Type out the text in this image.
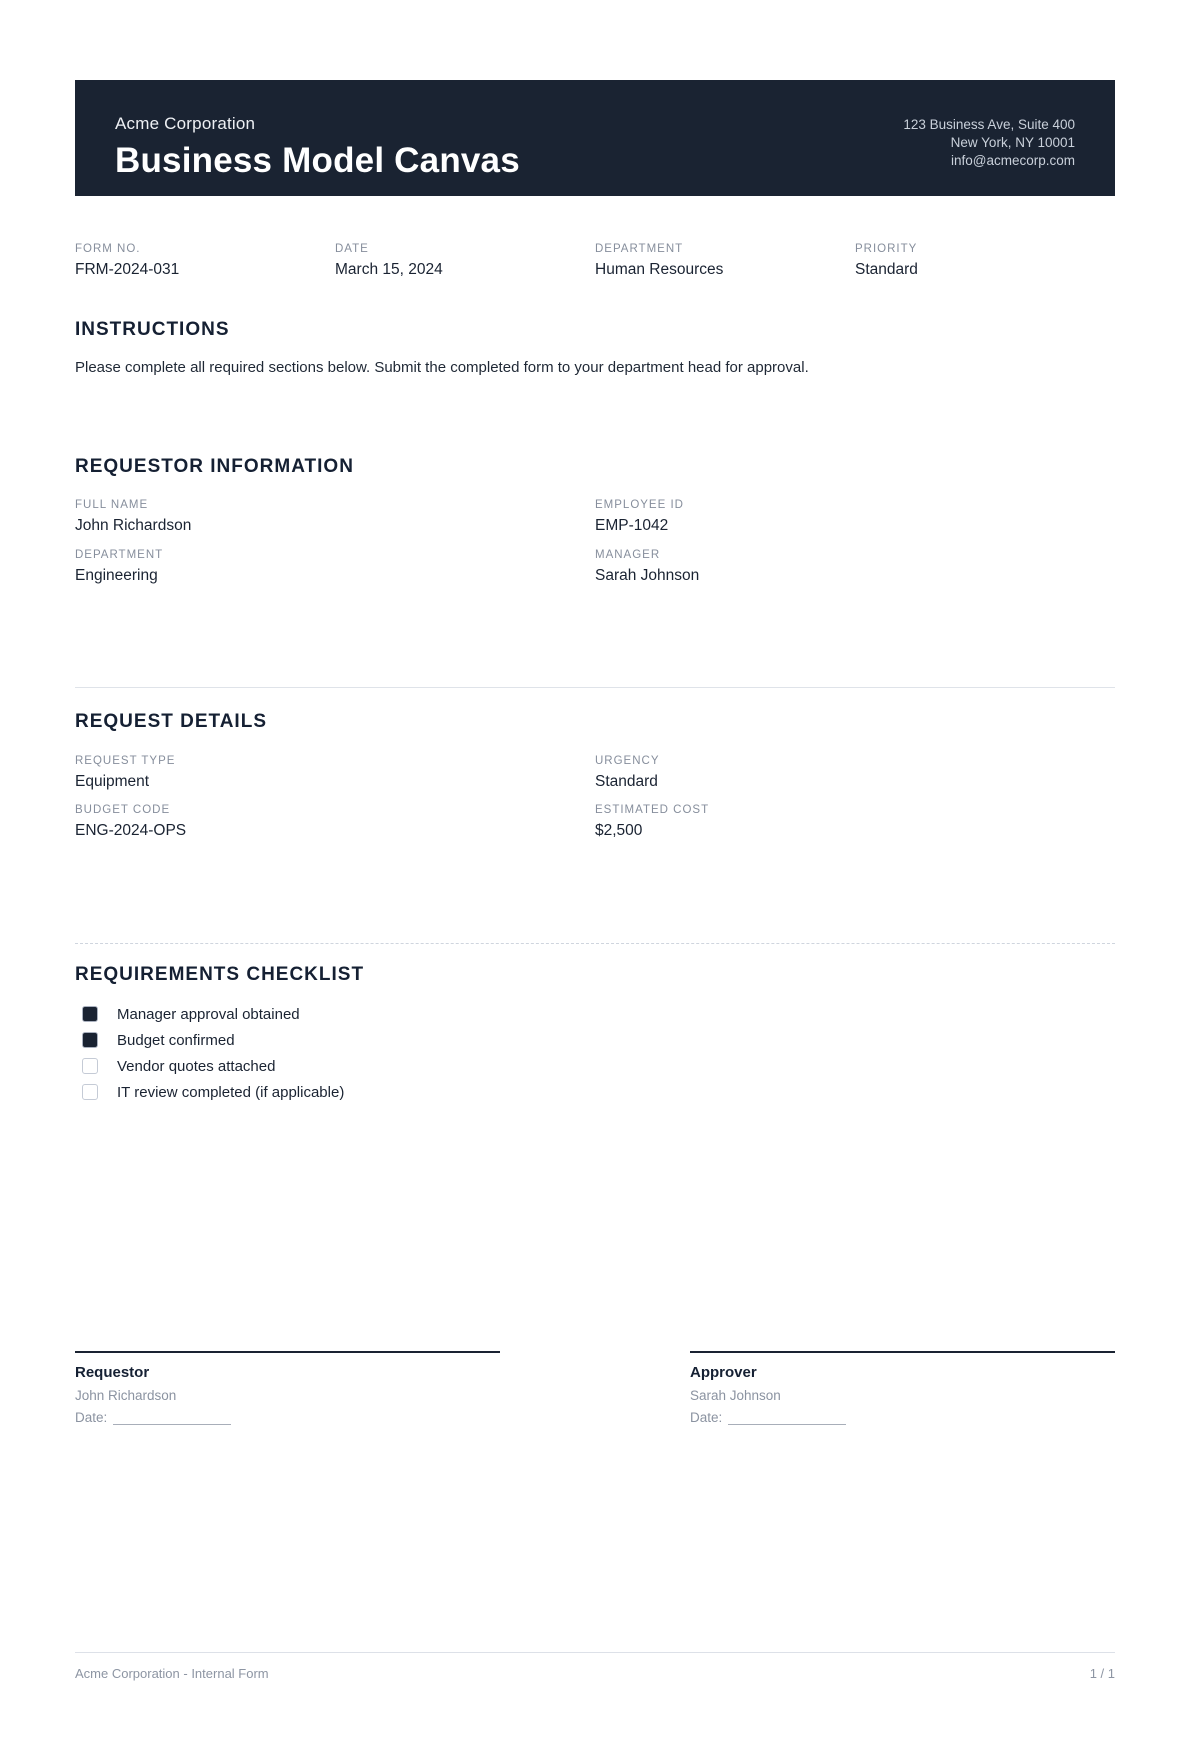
Acme Corporation
Business Model Canvas
123 Business Ave, Suite 400
New York, NY 10001
info@acmecorp.com
FORM NO.
FRM-2024-031
DATE
March 15, 2024
DEPARTMENT
Human Resources
PRIORITY
Standard
INSTRUCTIONS
Please complete all required sections below. Submit the completed form to your department head for approval.
REQUESTOR INFORMATION
FULL NAME
John Richardson
EMPLOYEE ID
EMP-1042
DEPARTMENT
Engineering
MANAGER
Sarah Johnson
REQUEST DETAILS
REQUEST TYPE
Equipment
URGENCY
Standard
BUDGET CODE
ENG-2024-OPS
ESTIMATED COST
$2,500
REQUIREMENTS CHECKLIST
Manager approval obtained
Budget confirmed
Vendor quotes attached
IT review completed (if applicable)
Requestor
John Richardson
Date:
Approver
Sarah Johnson
Date:
Acme Corporation - Internal Form	1 / 1
